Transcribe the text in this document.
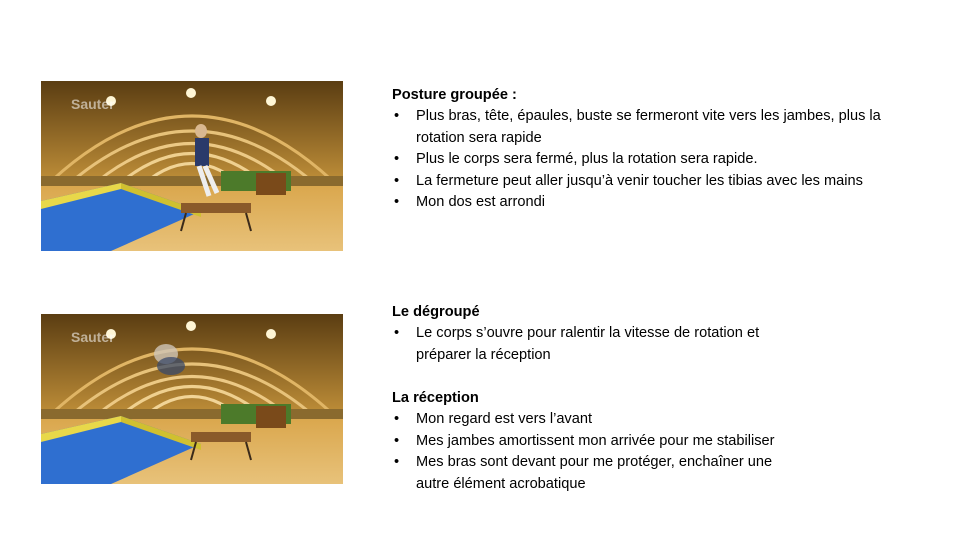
Sauter
Sauter
Posture groupée :
• Plus bras, tête, épaules, buste se fermeront vite vers les jambes, plus la rotation sera rapide
• Plus le corps sera fermé, plus la rotation sera rapide.
• La fermeture peut aller jusqu’à venir toucher les tibias avec les mains
• Mon dos est arrondi
Le dégroupé
• Le corps s’ouvre pour ralentir la vitesse de rotation et préparer la réception
La réception
• Mon regard est vers l’avant
• Mes jambes amortissent mon arrivée pour me stabiliser
• Mes bras sont devant pour me protéger, enchaîner une autre élément acrobatique
